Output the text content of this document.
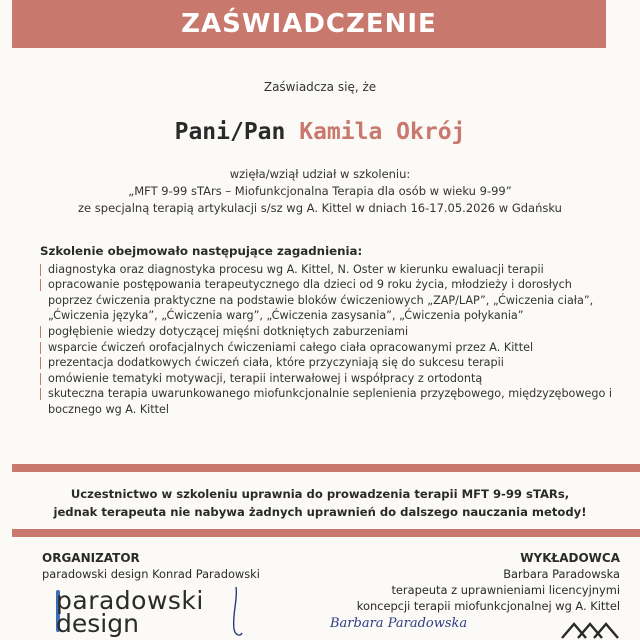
ZAŚWIADCZENIE
Zaświadcza się, że
Pani/Pan Kamila Okrój
wzięła/wziął udział w szkoleniu:
„MFT 9-99 sTArs – Miofunkcjonalna Terapia dla osób w wieku 9-99”
ze specjalną terapią artykulacji s/sz wg A. Kittel w dniach 16-17.05.2026 w Gdańsku
Szkolenie obejmowało następujące zagadnienia:
diagnostyka oraz diagnostyka procesu wg A. Kittel, N. Oster w kierunku ewaluacji terapii
opracowanie postępowania terapeutycznego dla dzieci od 9 roku życia, młodzieży i dorosłych poprzez ćwiczenia praktyczne na podstawie bloków ćwiczeniowych „ZAP/LAP”, „Ćwiczenia ciała”, „Ćwiczenia języka”, „Ćwiczenia warg”, „Ćwiczenia zasysania”, „Ćwiczenia połykania”
pogłębienie wiedzy dotyczącej mięśni dotkniętych zaburzeniami
wsparcie ćwiczeń orofacjalnych ćwiczeniami całego ciała opracowanymi przez A. Kittel
prezentacja dodatkowych ćwiczeń ciała, które przyczyniają się do sukcesu terapii
omówienie tematyki motywacji, terapii interwałowej i współpracy z ortodontą
skuteczna terapia uwarunkowanego miofunkcjonalnie seplenienia przyzębowego, międzyzębowego i bocznego wg A. Kittel
Uczestnictwo w szkoleniu uprawnia do prowadzenia terapii MFT 9-99 sTARs,
jednak terapeuta nie nabywa żadnych uprawnień do dalszego nauczania metody!
ORGANIZATOR
paradowski design Konrad Paradowski
paradowski
design
WYKŁADOWCA
Barbara Paradowska
terapeuta z uprawnieniami licencyjnymi
koncepcji terapii miofunkcjonalnej wg A. Kittel
Barbara Paradowska
